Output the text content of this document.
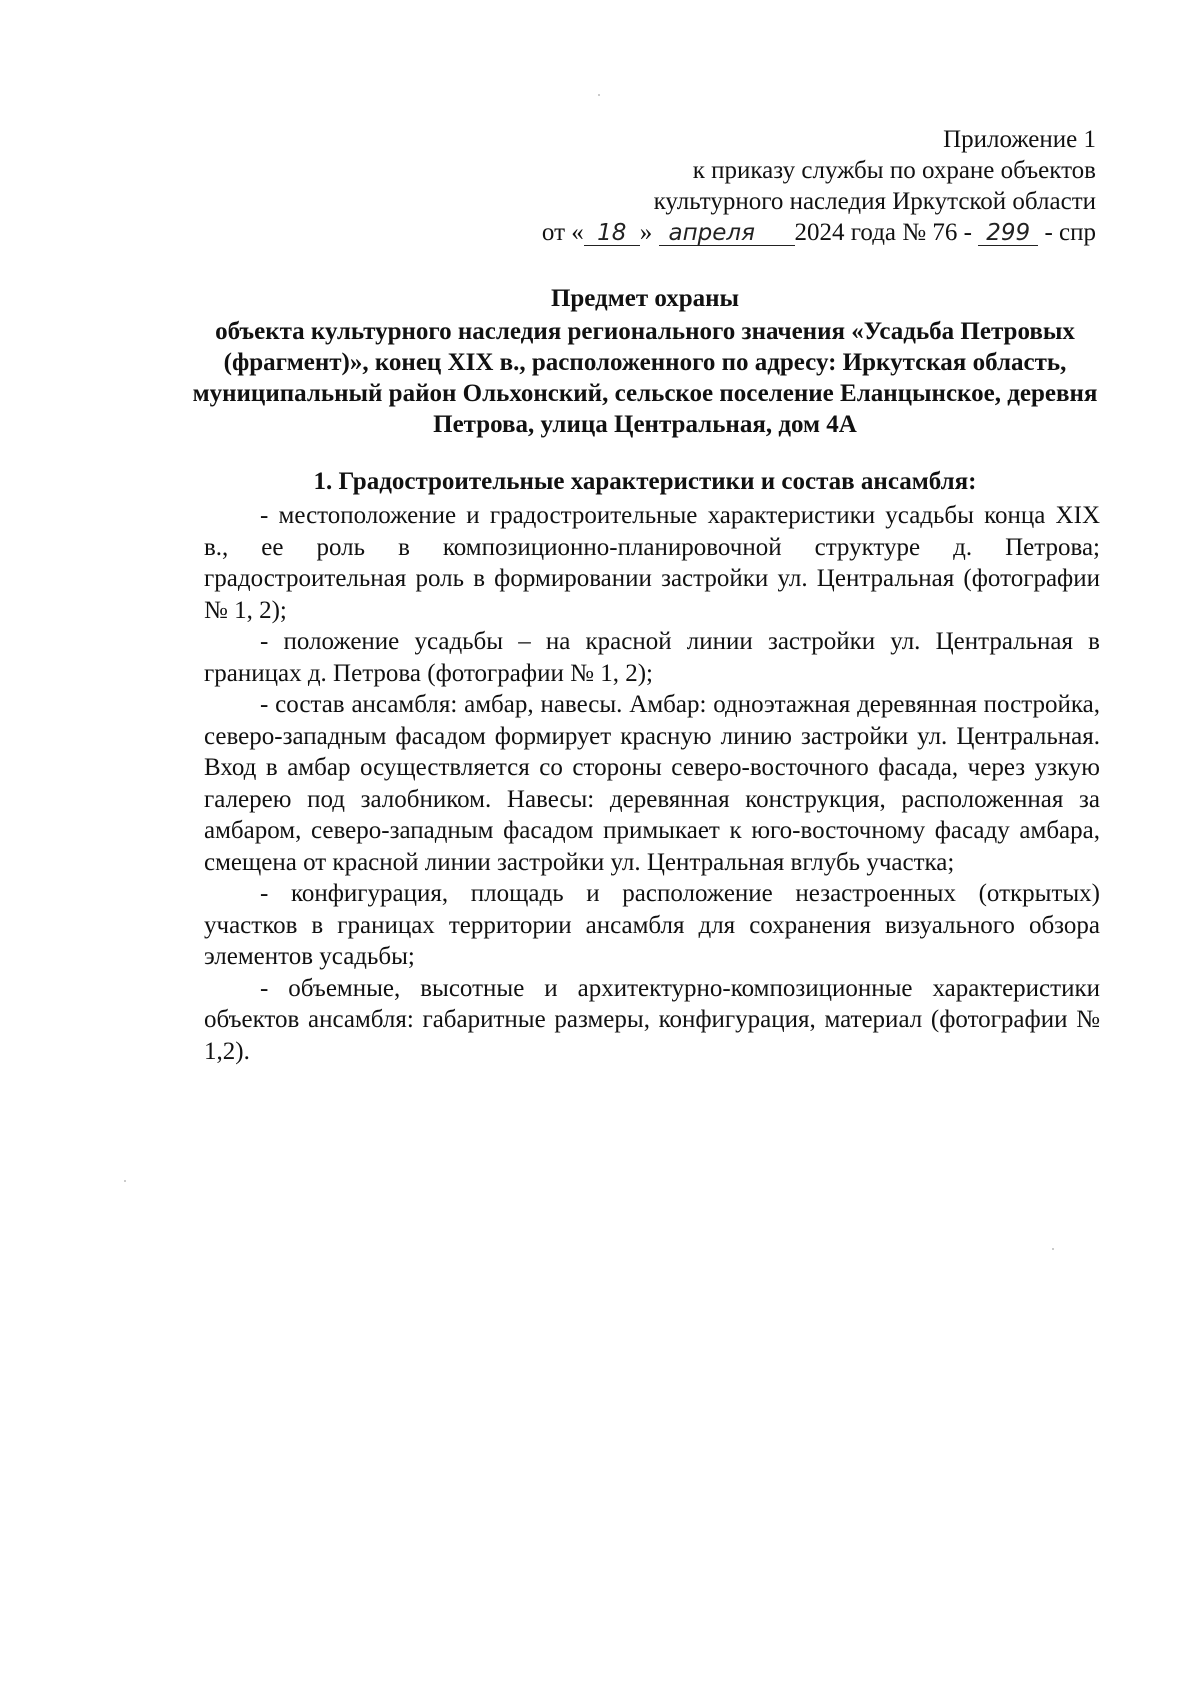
Приложение 1
к приказу службы по охране объектов
культурного наследия Иркутской области
от « 18 » апреля 2024 года № 76 - 299 - спр
Предмет охраны
объекта культурного наследия регионального значения «Усадьба Петровых (фрагмент)», конец XIX в., расположенного по адресу: Иркутская область, муниципальный район Ольхонский, сельское поселение Еланцынское, деревня Петрова, улица Центральная, дом 4А
1. Градостроительные характеристики и состав ансамбля:

- местоположение и градостроительные характеристики усадьбы конца XIX в., ее роль в композиционно-планировочной структуре д. Петрова; градостроительная роль в формировании застройки ул. Центральная (фотографии № 1, 2);

- положение усадьбы – на красной линии застройки ул. Центральная в границах д. Петрова (фотографии № 1, 2);

- состав ансамбля: амбар, навесы. Амбар: одноэтажная деревянная постройка, северо-западным фасадом формирует красную линию застройки ул. Центральная. Вход в амбар осуществляется со стороны северо-восточного фасада, через узкую галерею под залобником. Навесы: деревянная конструкция, расположенная за амбаром, северо-западным фасадом примыкает к юго-восточному фасаду амбара, смещена от красной линии застройки ул. Центральная вглубь участка;

- конфигурация, площадь и расположение незастроенных (открытых) участков в границах территории ансамбля для сохранения визуального обзора элементов усадьбы;

- объемные, высотные и архитектурно-композиционные характеристики объектов ансамбля: габаритные размеры, конфигурация, материал (фотографии № 1,2).
